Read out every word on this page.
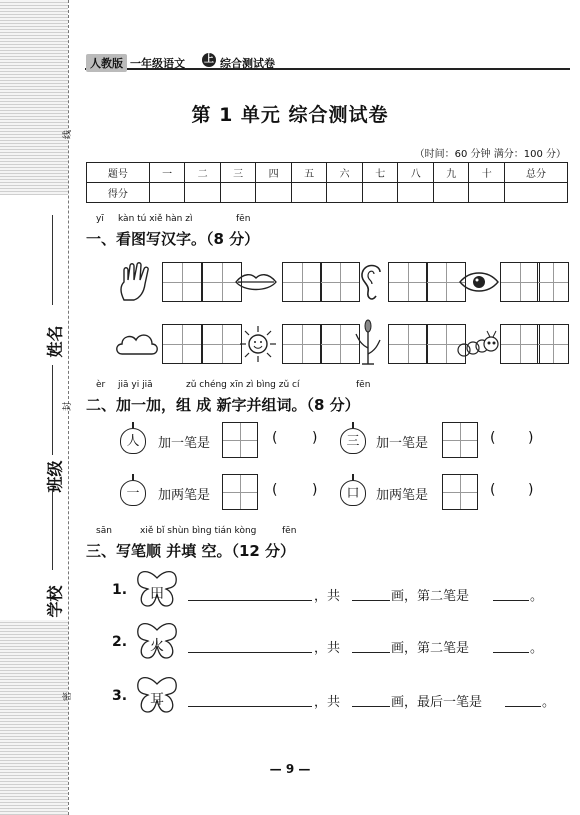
线
封
密
姓名
班级
学校
人教版 一年级语文 上 综合测试卷
第 1 单元 综合测试卷
（时间：60 分钟 满分：100 分）
题号	一	二	三	四	五	六	七	八	九	十	总分
得分											
yī kàn tú xiě hàn zì	fēn
一、看图写汉字。（8 分）
èr jiā yi jiā	zǔ chéng xīn zì bìng zǔ cí	fēn
二、加一加，组 成 新字并组词。（8 分）
人	加一笔是	( )	三	加一笔是	( )
一	加两笔是	( )	口	加两笔是	( )
sān	xiě bǐ shùn bìng tián kòng	fēn
三、写笔顺 并填 空。（12 分）
1. 田	，共	画，第二笔是	。
2. 火	，共	画，第二笔是	。
3. 耳	，共	画，最后一笔是	。
— 9 —
